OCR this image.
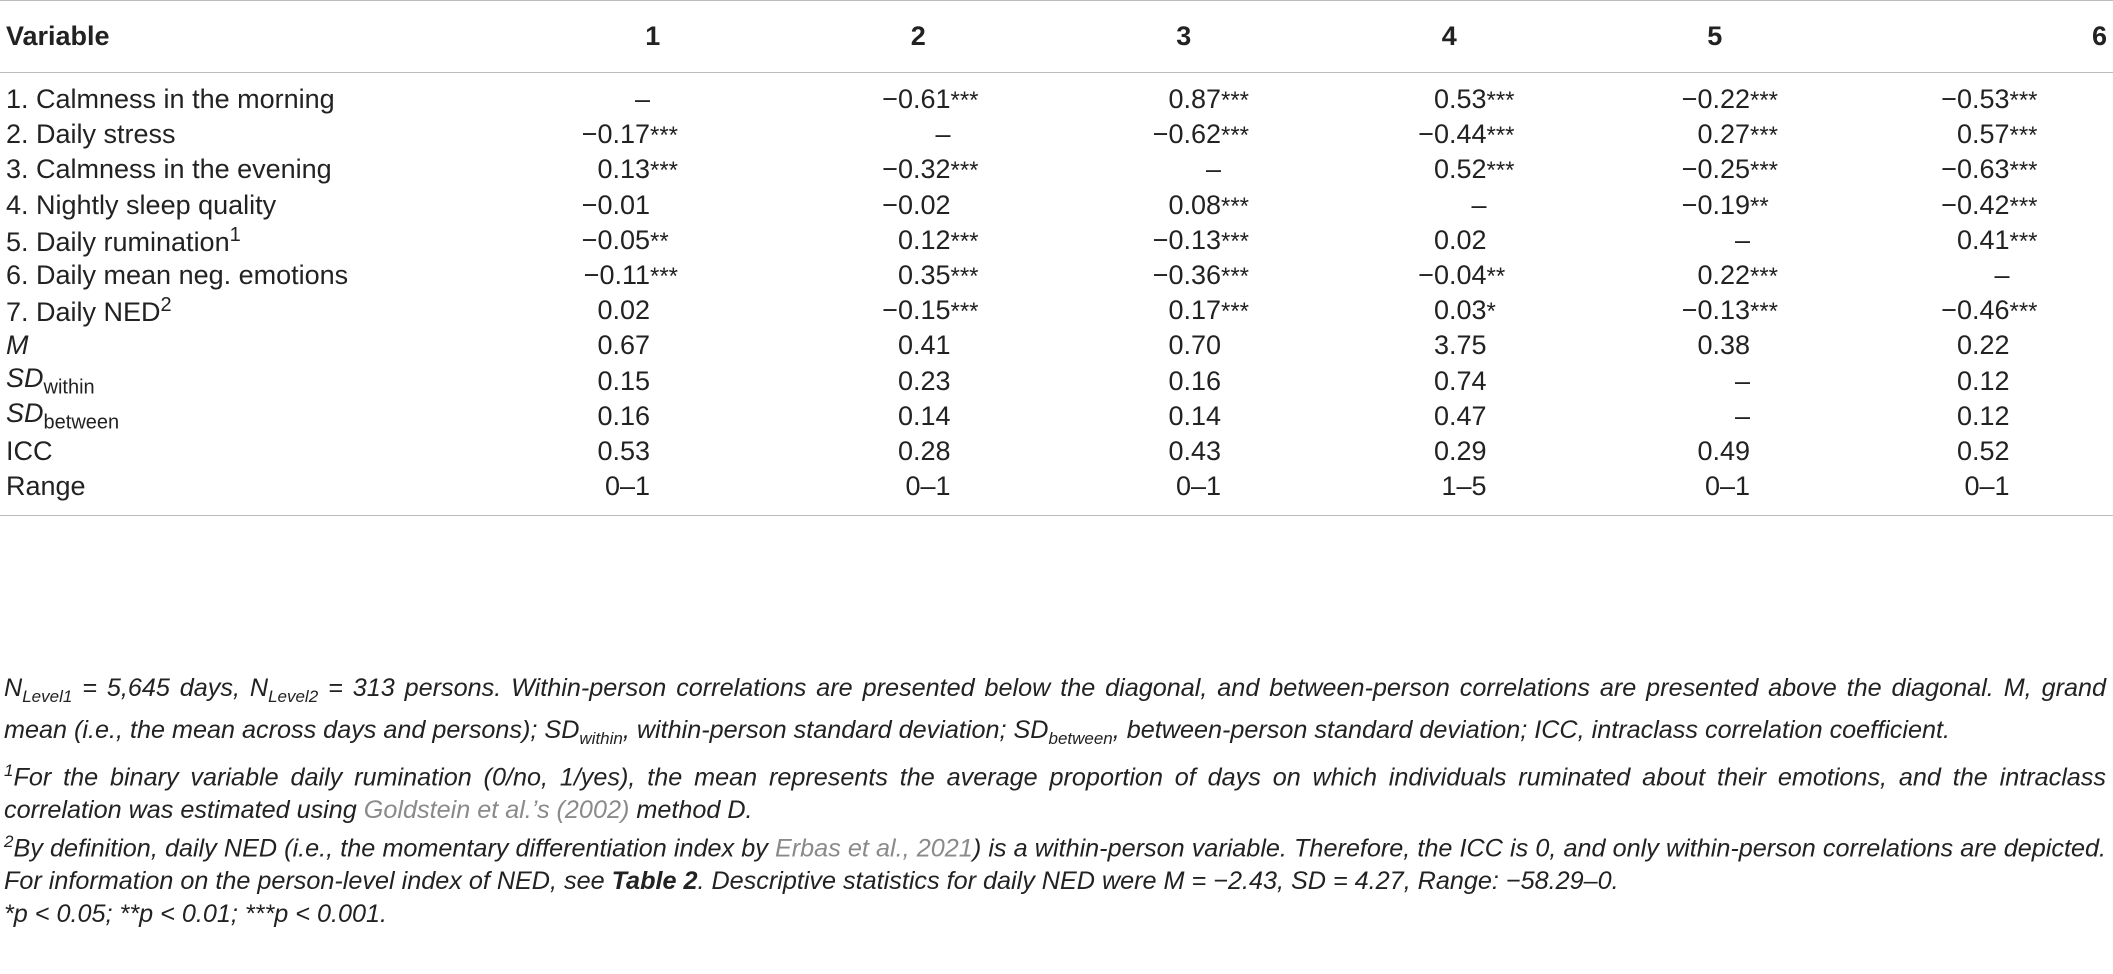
Variable	1	2	3	4	5	6
1. Calmness in the morning	–	−0.61***	0.87***	0.53***	−0.22***	−0.53***
2. Daily stress	−0.17***	–	−0.62***	−0.44***	0.27***	0.57***
3. Calmness in the evening	0.13***	−0.32***	–	0.52***	−0.25***	−0.63***
4. Nightly sleep quality	−0.01	−0.02	0.08***	–	−0.19**	−0.42***
5. Daily rumination$^1$	−0.05**	0.12***	−0.13***	0.02	–	0.41***
6. Daily mean neg. emotions	−0.11***	0.35***	−0.36***	−0.04**	0.22***	–
7. Daily NED$^2$	0.02	−0.15***	0.17***	0.03*	−0.13***	−0.46***
M	0.67	0.41	0.70	3.75	0.38	0.22
$SD_{within}$	0.15	0.23	0.16	0.74	–	0.12
$SD_{between}$	0.16	0.14	0.14	0.47	–	0.12
ICC	0.53	0.28	0.43	0.29	0.49	0.52
Range	0–1	0–1	0–1	1–5	0–1	0–1

$N_{Level1} = 5,645$ days, $N_{Level2} = 313$ persons. Within-person correlations are presented below the diagonal, and between-person correlations are presented above the diagonal. M, grand mean (i.e., the mean across days and persons); $SD_{within}$, within-person standard deviation; $SD_{between}$, between-person standard deviation; ICC, intraclass correlation coefficient.

$^1$For the binary variable daily rumination (0/no, 1/yes), the mean represents the average proportion of days on which individuals ruminated about their emotions, and the intraclass correlation was estimated using Goldstein et al.’s (2002) method D.

$^2$By definition, daily NED (i.e., the momentary differentiation index by Erbas et al., 2021) is a within-person variable. Therefore, the ICC is 0, and only within-person correlations are depicted. For information on the person-level index of NED, see Table 2. Descriptive statistics for daily NED were M = −2.43, SD = 4.27, Range: −58.29–0.

*p < 0.05; **p < 0.01; ***p < 0.001.
